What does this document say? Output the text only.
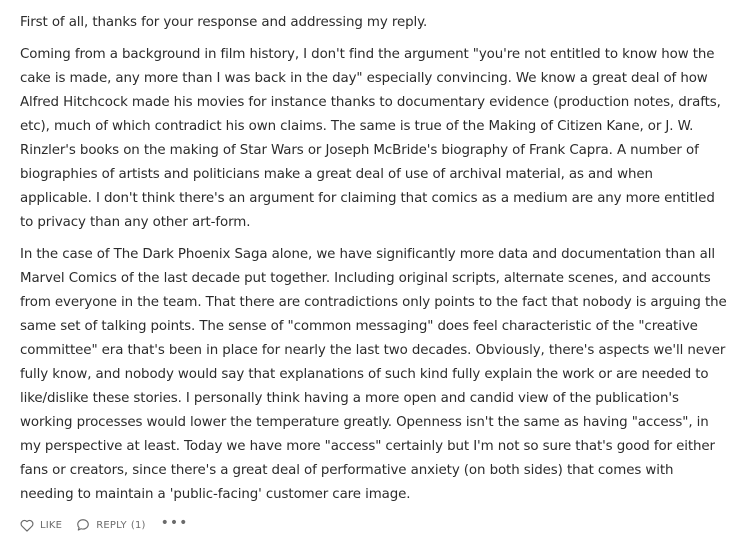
First of all, thanks for your response and addressing my reply.

Coming from a background in film history, I don't find the argument "you're not entitled to know how the cake is made, any more than I was back in the day" especially convincing. We know a great deal of how Alfred Hitchcock made his movies for instance thanks to documentary evidence (production notes, drafts, etc), much of which contradict his own claims. The same is true of the Making of Citizen Kane, or J. W. Rinzler's books on the making of Star Wars or Joseph McBride's biography of Frank Capra. A number of biographies of artists and politicians make a great deal of use of archival material, as and when applicable. I don't think there's an argument for claiming that comics as a medium are any more entitled to privacy than any other art-form.

In the case of The Dark Phoenix Saga alone, we have significantly more data and documentation than all Marvel Comics of the last decade put together. Including original scripts, alternate scenes, and accounts from everyone in the team. That there are contradictions only points to the fact that nobody is arguing the same set of talking points. The sense of "common messaging" does feel characteristic of the "creative committee" era that's been in place for nearly the last two decades. Obviously, there's aspects we'll never fully know, and nobody would say that explanations of such kind fully explain the work or are needed to like/dislike these stories. I personally think having a more open and candid view of the publication's working processes would lower the temperature greatly. Openness isn't the same as having "access", in my perspective at least. Today we have more "access" certainly but I'm not so sure that's good for either fans or creators, since there's a great deal of performative anxiety (on both sides) that comes with needing to maintain a 'public-facing' customer care image.

LIKE	REPLY (1) •••
